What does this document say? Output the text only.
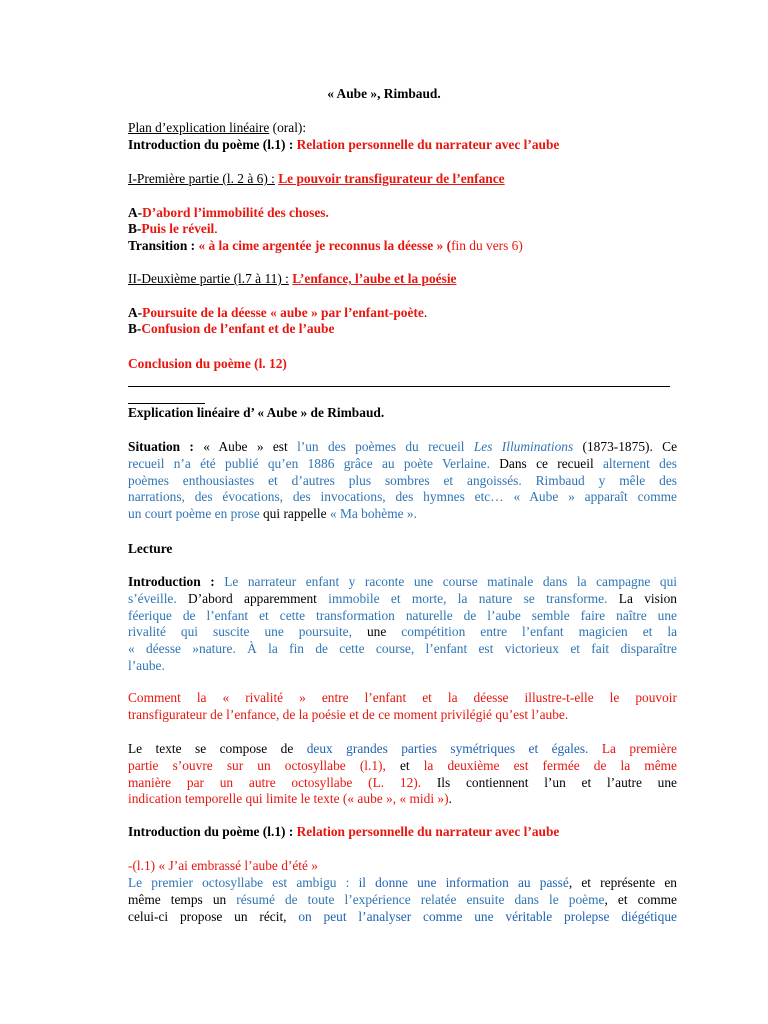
« Aube », Rimbaud.
Plan d’explication linéaire (oral):
Introduction du poème (l.1) : Relation personnelle du narrateur avec l’aube
I-Première partie (l. 2 à 6) : Le pouvoir transfigurateur de l’enfance
A-D’abord l’immobilité des choses.
B-Puis le réveil.
Transition : « à la cime argentée je reconnus la déesse » (fin du vers 6)
II-Deuxième partie (l.7 à 11) : L’enfance, l’aube et la poésie
A-Poursuite de la déesse « aube » par l’enfant-poète.
B-Confusion de l’enfant et de l’aube
Conclusion du poème (l. 12)
Explication linéaire d’ « Aube » de Rimbaud.
Situation : « Aube » est l’un des poèmes du recueil Les Illuminations (1873-1875). Ce
recueil n’a été publié qu’en 1886 grâce au poète Verlaine. Dans ce recueil alternent des
poèmes enthousiastes et d’autres plus sombres et angoissés. Rimbaud y mêle des
narrations, des évocations, des invocations, des hymnes etc… « Aube » apparaît comme
un court poème en prose qui rappelle « Ma bohème ».
Lecture
Introduction : Le narrateur enfant y raconte une course matinale dans la campagne qui
s’éveille. D’abord apparemment immobile et morte, la nature se transforme. La vision
féerique de l’enfant et cette transformation naturelle de l’aube semble faire naître une
rivalité qui suscite une poursuite, une compétition entre l’enfant magicien et la
« déesse »nature. À la fin de cette course, l’enfant est victorieux et fait disparaître
l’aube.
Comment la « rivalité » entre l’enfant et la déesse illustre-t-elle le pouvoir
transfigurateur de l’enfance, de la poésie et de ce moment privilégié qu’est l’aube.
Le texte se compose de deux grandes parties symétriques et égales. La première
partie s’ouvre sur un octosyllabe (l.1), et la deuxième est fermée de la même
manière par un autre octosyllabe (L. 12). Ils contiennent l’un et l’autre une
indication temporelle qui limite le texte (« aube », « midi »).
Introduction du poème (l.1) : Relation personnelle du narrateur avec l’aube
-(l.1) « J’ai embrassé l’aube d’été »
Le premier octosyllabe est ambigu : il donne une information au passé, et représente en
même temps un résumé de toute l’expérience relatée ensuite dans le poème, et comme
celui-ci propose un récit, on peut l’analyser comme une véritable prolepse diégétique
